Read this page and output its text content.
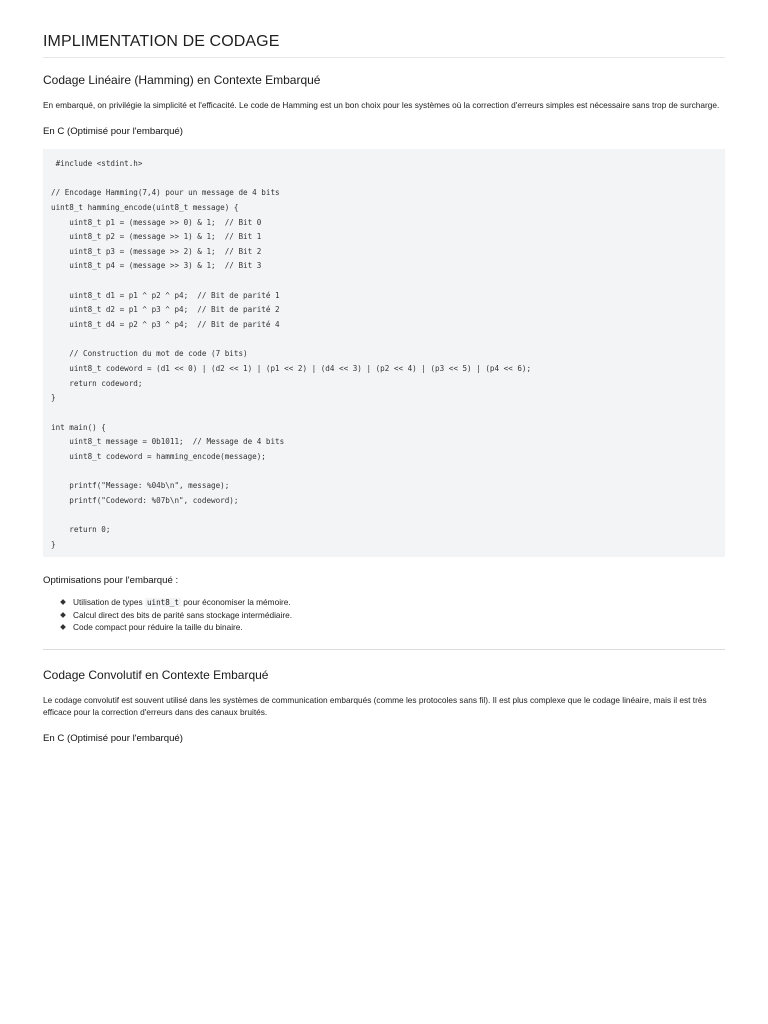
IMPLIMENTATION DE CODAGE
Codage Linéaire (Hamming) en Contexte Embarqué

En embarqué, on privilégie la simplicité et l'efficacité. Le code de Hamming est un bon choix pour les systèmes où la correction d'erreurs simples est nécessaire sans trop de surcharge.

En C (Optimisé pour l'embarqué)
#include <stdint.h>
// Encodage Hamming(7,4) pour un message de 4 bits
uint8_t hamming_encode(uint8_t message) {
uint8_t p1 = (message >> 0) & 1;  // Bit 0
uint8_t p2 = (message >> 1) & 1;  // Bit 1
uint8_t p3 = (message >> 2) & 1;  // Bit 2
uint8_t p4 = (message >> 3) & 1;  // Bit 3
uint8_t d1 = p1 ^ p2 ^ p4;  // Bit de parité 1
uint8_t d2 = p1 ^ p3 ^ p4;  // Bit de parité 2
uint8_t d4 = p2 ^ p3 ^ p4;  // Bit de parité 4
// Construction du mot de code (7 bits)
uint8_t codeword = (d1 << 0) | (d2 << 1) | (p1 << 2) | (d4 << 3) | (p2 << 4) | (p3 << 5) | (p4 << 6);
return codeword;
}
int main() {
uint8_t message = 0b1011;  // Message de 4 bits
uint8_t codeword = hamming_encode(message);
printf("Message: %04b\n", message);
printf("Codeword: %07b\n", codeword);
return 0;
}
Optimisations pour l'embarqué :
Utilisation de types uint8_t pour économiser la mémoire.
Calcul direct des bits de parité sans stockage intermédiaire.
Code compact pour réduire la taille du binaire.
Codage Convolutif en Contexte Embarqué

Le codage convolutif est souvent utilisé dans les systèmes de communication embarqués (comme les protocoles sans fil). Il est plus complexe que le codage linéaire, mais il est très efficace pour la correction d'erreurs dans des canaux bruités.

En C (Optimisé pour l'embarqué)
